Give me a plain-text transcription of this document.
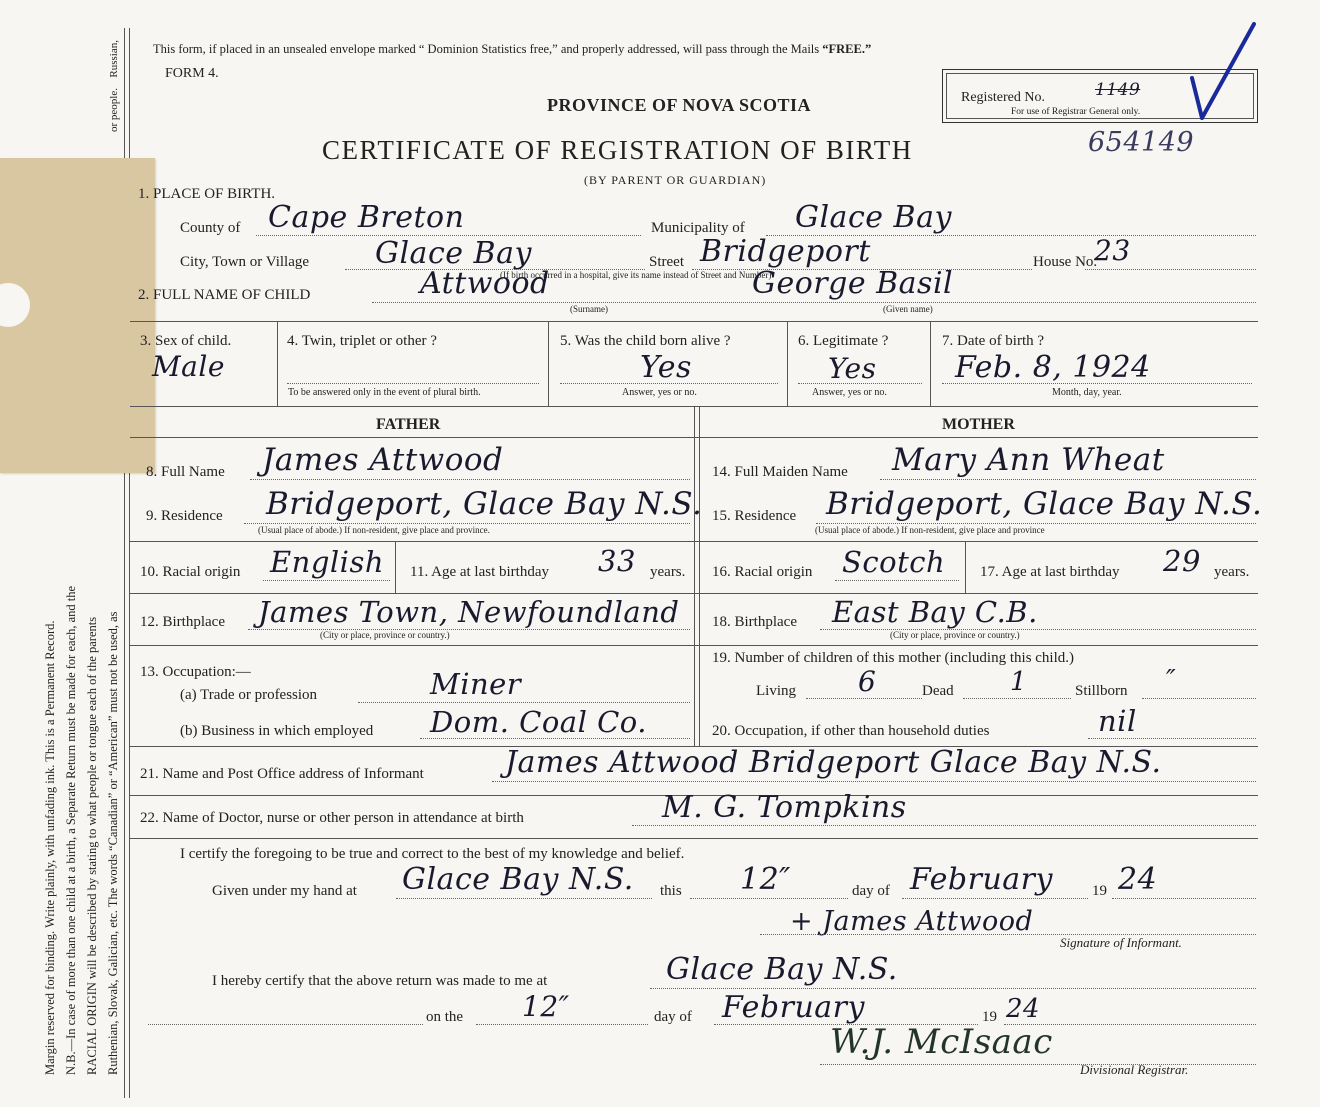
Margin reserved for binding. Write plainly, with unfading ink. This is a Permanent Record. N.B.—In case of more than one child at a birth, a Separate Return must be made for each, and the RACIAL ORIGIN will be described by stating to what people or tongue each of the parents Ruthenian, Slovak, Galician, etc. The words “Canadian” or “American” must not be used, as
Russian,
or people.
This form, if placed in an unsealed envelope marked “ Dominion Statistics free,” and properly addressed, will pass through the Mails “FREE.”
FORM 4.
PROVINCE OF NOVA SCOTIA
CERTIFICATE OF REGISTRATION OF BIRTH
(BY PARENT OR GUARDIAN)
Registered No.	1149
For use of Registrar General only.
654149
1. PLACE OF BIRTH.
County of Cape Breton	Municipality of Glace Bay
City, Town or Village Glace Bay	Street Bridgeport	House No.
23
(If birth occurred in a hospital, give its name instead of Street and Number)
2. FULL NAME OF CHILD	Attwood	George Basil
(Surname)	(Given name)
3. Sex of child.
Male
4. Twin, triplet or other ?
To be answered only in the event of plural birth.
5. Was the child born alive ?
Yes
Answer, yes or no.
6. Legitimate ?
Yes
Answer, yes or no.
7. Date of birth ?
Feb. 8, 1924
Month, day, year.
FATHER	MOTHER
8. Full Name James Attwood
9. Residence Bridgeport, Glace Bay N.S.
(Usual place of abode.) If non-resident, give place and province.
10. Racial origin English 11. Age at last birthday 33 years.
12. Birthplace James Town, Newfoundland
(City or place, province or country.)
13. Occupation:—
(a) Trade or profession	Miner
(b) Business in which employed Dom. Coal Co.
14. Full Maiden Name Mary Ann Wheat
15. Residence Bridgeport, Glace Bay N.S.
(Usual place of abode.) If non-resident, give place and province
16. Racial origin Scotch 17. Age at last birthday 29 years.
18. Birthplace East Bay C.B.
(City or place, province or country.)
19. Number of children of this mother (including this child.)
Living 6	Dead 1	Stillborn ″
20. Occupation, if other than household duties	nil
21. Name and Post Office address of Informant	James Attwood Bridgeport Glace Bay N.S.
22. Name of Doctor, nurse or other person in attendance at birth	M. G. Tompkins
I certify the foregoing to be true and correct to the best of my knowledge and belief.
Given under my hand at Glace Bay N.S. this 12″	day of February	19 24
+ James Attwood
Signature of Informant.
I hereby certify that the above return was made to me at	Glace Bay N.S.
on the 12″	day of February	19 24
W.J. McIsaac
Divisional Registrar.
